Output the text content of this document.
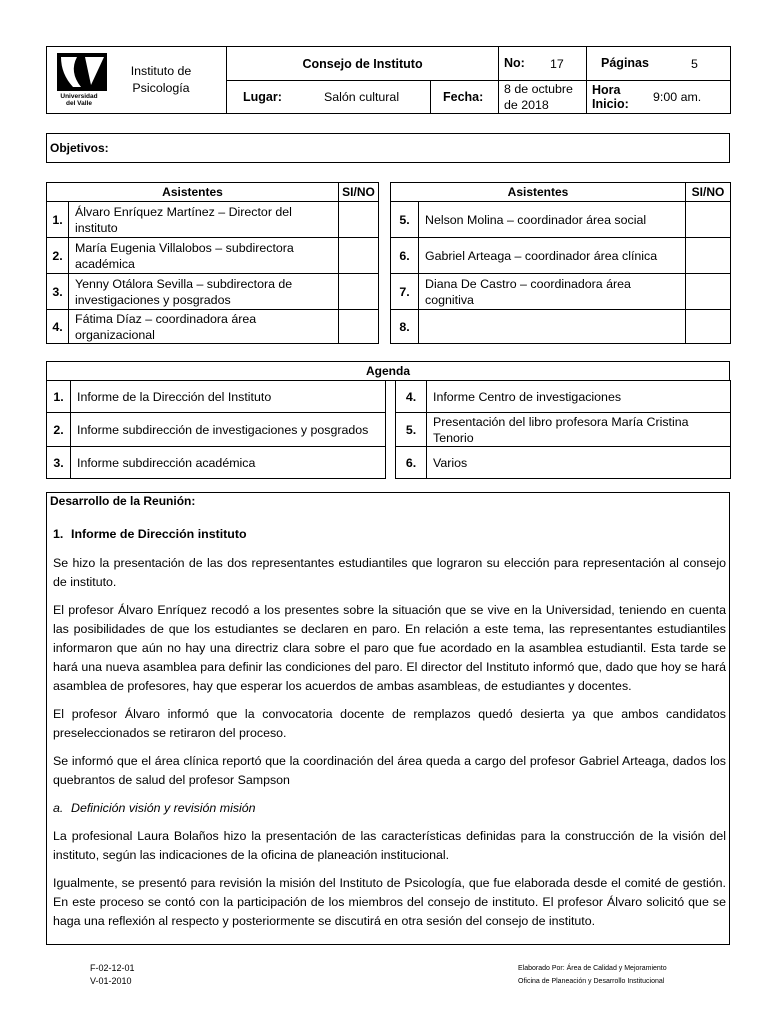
Universidad
del Valle
Instituto de Psicología	Consejo de Instituto		No: 17	Páginas 5
	Lugar: Salón cultural	Fecha:	8 de octubre de 2018	Hora Inicio: 9:00 am.
Objetivos:
Asistentes		SI/NO
1.	Álvaro Enríquez Martínez – Director del instituto	
2.	María Eugenia Villalobos – subdirectora académica	
3.	Yenny Otálora Sevilla – subdirectora de investigaciones y posgrados	
4.	Fátima Díaz – coordinadora área organizacional	
Asistentes		SI/NO
5.	Nelson Molina – coordinador área social	
6.	Gabriel Arteaga – coordinador área clínica	
7.	Diana De Castro – coordinadora área cognitiva	
8.		
Agenda
1.	Informe de la Dirección del Instituto
2.	Informe subdirección de investigaciones y posgrados
3.	Informe subdirección académica
4.	Informe Centro de investigaciones
5.	Presentación del libro profesora María Cristina Tenorio
6.	Varios
Desarrollo de la Reunión:
1. Informe de Dirección instituto

Se hizo la presentación de las dos representantes estudiantiles que lograron su elección para representación al consejo de instituto.

El profesor Álvaro Enríquez recodó a los presentes sobre la situación que se vive en la Universidad, teniendo en cuenta las posibilidades de que los estudiantes se declaren en paro. En relación a este tema, las representantes estudiantiles informaron que aún no hay una directriz clara sobre el paro que fue acordado en la asamblea estudiantil. Esta tarde se hará una nueva asamblea para definir las condiciones del paro. El director del Instituto informó que, dado que hoy se hará asamblea de profesores, hay que esperar los acuerdos de ambas asambleas, de estudiantes y docentes.

El profesor Álvaro informó que la convocatoria docente de remplazos quedó desierta ya que ambos candidatos preseleccionados se retiraron del proceso.

Se informó que el área clínica reportó que la coordinación del área queda a cargo del profesor Gabriel Arteaga, dados los quebrantos de salud del profesor Sampson

a. Definición visión y revisión misión

La profesional Laura Bolaños hizo la presentación de las características definidas para la construcción de la visión del instituto, según las indicaciones de la oficina de planeación institucional.

Igualmente, se presentó para revisión la misión del Instituto de Psicología, que fue elaborada desde el comité de gestión. En este proceso se contó con la participación de los miembros del consejo de instituto. El profesor Álvaro solicitó que se haga una reflexión al respecto y posteriormente se discutirá en otra sesión del consejo de instituto.

F-02-12-01
V-01-2010
Elaborado Por: Área de Calidad y Mejoramiento
Oficina de Planeación y Desarrollo Institucional
